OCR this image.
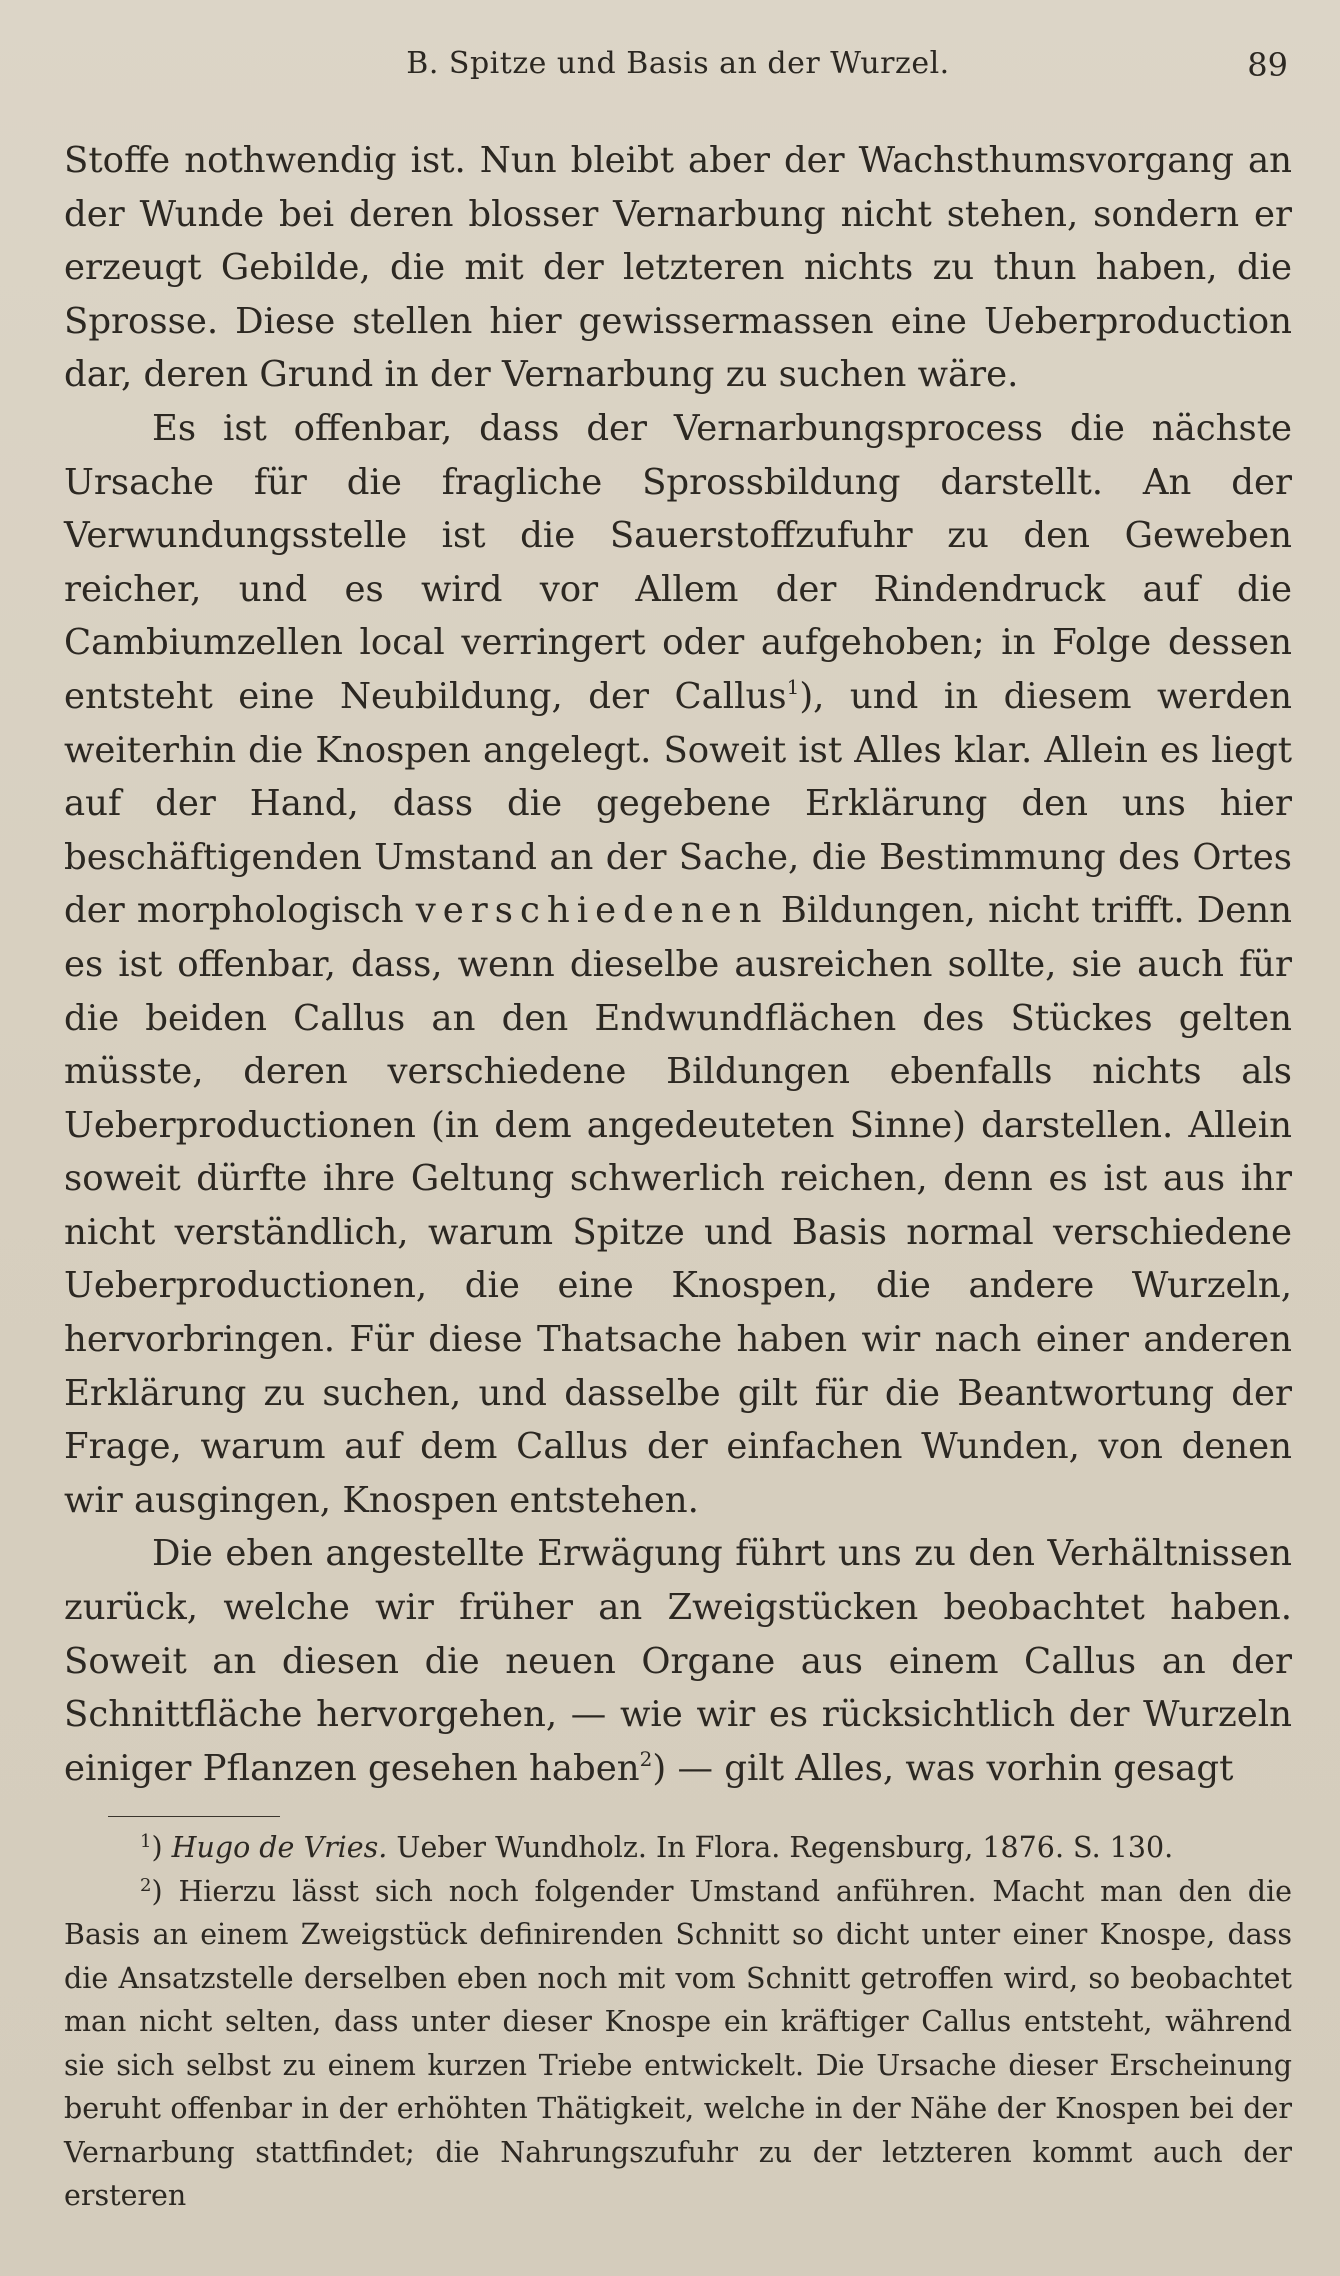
B. Spitze und Basis an der Wurzel.	89

Stoffe nothwendig ist. Nun bleibt aber der Wachsthumsvorgang an der Wunde bei deren blosser Vernarbung nicht stehen, sondern er erzeugt Gebilde, die mit der letzteren nichts zu thun haben, die Sprosse. Diese stellen hier gewissermassen eine Ueberproduction dar, deren Grund in der Vernarbung zu suchen wäre.

Es ist offenbar, dass der Vernarbungsprocess die nächste Ursache für die fragliche Sprossbildung darstellt. An der Verwundungsstelle ist die Sauerstoffzufuhr zu den Geweben reicher, und es wird vor Allem der Rindendruck auf die Cambiumzellen local verringert oder aufgehoben; in Folge dessen entsteht eine Neubildung, der Callus$^1$), und in diesem werden weiterhin die Knospen angelegt. Soweit ist Alles klar. Allein es liegt auf der Hand, dass die gegebene Erklärung den uns hier beschäftigenden Umstand an der Sache, die Bestimmung des Ortes der morphologisch verschiedenen Bildungen, nicht trifft. Denn es ist offenbar, dass, wenn dieselbe ausreichen sollte, sie auch für die beiden Callus an den Endwundflächen des Stückes gelten müsste, deren verschiedene Bildungen ebenfalls nichts als Ueberproductionen (in dem angedeuteten Sinne) darstellen. Allein soweit dürfte ihre Geltung schwerlich reichen, denn es ist aus ihr nicht verständlich, warum Spitze und Basis normal verschiedene Ueberproductionen, die eine Knospen, die andere Wurzeln, hervorbringen. Für diese Thatsache haben wir nach einer anderen Erklärung zu suchen, und dasselbe gilt für die Beantwortung der Frage, warum auf dem Callus der einfachen Wunden, von denen wir ausgingen, Knospen entstehen.

Die eben angestellte Erwägung führt uns zu den Verhältnissen zurück, welche wir früher an Zweigstücken beobachtet haben. Soweit an diesen die neuen Organe aus einem Callus an der Schnittfläche hervorgehen, — wie wir es rücksichtlich der Wurzeln einiger Pflanzen gesehen haben$^2$) — gilt Alles, was vorhin gesagt

$^1$) Hugo de Vries. Ueber Wundholz. In Flora. Regensburg, 1876. S. 130.

$^2$) Hierzu lässt sich noch folgender Umstand anführen. Macht man den die Basis an einem Zweigstück definirenden Schnitt so dicht unter einer Knospe, dass die Ansatzstelle derselben eben noch mit vom Schnitt getroffen wird, so beobachtet man nicht selten, dass unter dieser Knospe ein kräftiger Callus entsteht, während sie sich selbst zu einem kurzen Triebe entwickelt. Die Ursache dieser Erscheinung beruht offenbar in der erhöhten Thätigkeit, welche in der Nähe der Knospen bei der Vernarbung stattfindet; die Nahrungszufuhr zu der letzteren kommt auch der ersteren
